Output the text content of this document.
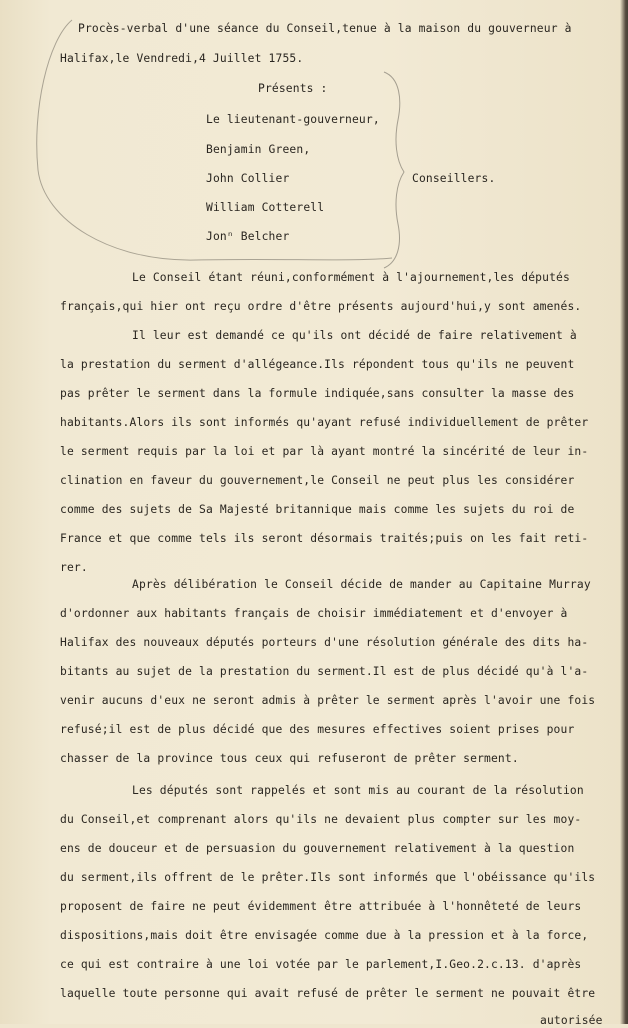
Procès-verbal d'une séance du Conseil,tenue à la maison du gouverneur à
Halifax,le Vendredi,4 Juillet 1755.
Présents :
Le lieutenant-gouverneur,
Benjamin Green,
John Collier
William Cotterell
Jonⁿ Belcher
Conseillers.
Le Conseil étant réuni,conformément à l'ajournement,les députés
français,qui hier ont reçu ordre d'être présents aujourd'hui,y sont amenés.
Il leur est demandé ce qu'ils ont décidé de faire relativement à
la prestation du serment d'allégeance.Ils répondent tous qu'ils ne peuvent
pas prêter le serment dans la formule indiquée,sans consulter la masse des
habitants.Alors ils sont informés qu'ayant refusé individuellement de prêter
le serment requis par la loi et par là ayant montré la sincérité de leur in-
clination en faveur du gouvernement,le Conseil ne peut plus les considérer
comme des sujets de Sa Majesté britannique mais comme les sujets du roi de
France et que comme tels ils seront désormais traités;puis on les fait reti-
rer.
Après délibération le Conseil décide de mander au Capitaine Murray
d'ordonner aux habitants français de choisir immédiatement et d'envoyer à
Halifax des nouveaux députés porteurs d'une résolution générale des dits ha-
bitants au sujet de la prestation du serment.Il est de plus décidé qu'à l'a-
venir aucuns d'eux ne seront admis à prêter le serment après l'avoir une fois
refusé;il est de plus décidé que des mesures effectives soient prises pour
chasser de la province tous ceux qui refuseront de prêter serment.
Les députés sont rappelés et sont mis au courant de la résolution
du Conseil,et comprenant alors qu'ils ne devaient plus compter sur les moy-
ens de douceur et de persuasion du gouvernement relativement à la question
du serment,ils offrent de le prêter.Ils sont informés que l'obéissance qu'ils
proposent de faire ne peut évidemment être attribuée à l'honnêteté de leurs
dispositions,mais doit être envisagée comme due à la pression et à la force,
ce qui est contraire à une loi votée par le parlement,I.Geo.2.c.13. d'après
laquelle toute personne qui avait refusé de prêter le serment ne pouvait être
autorisée
